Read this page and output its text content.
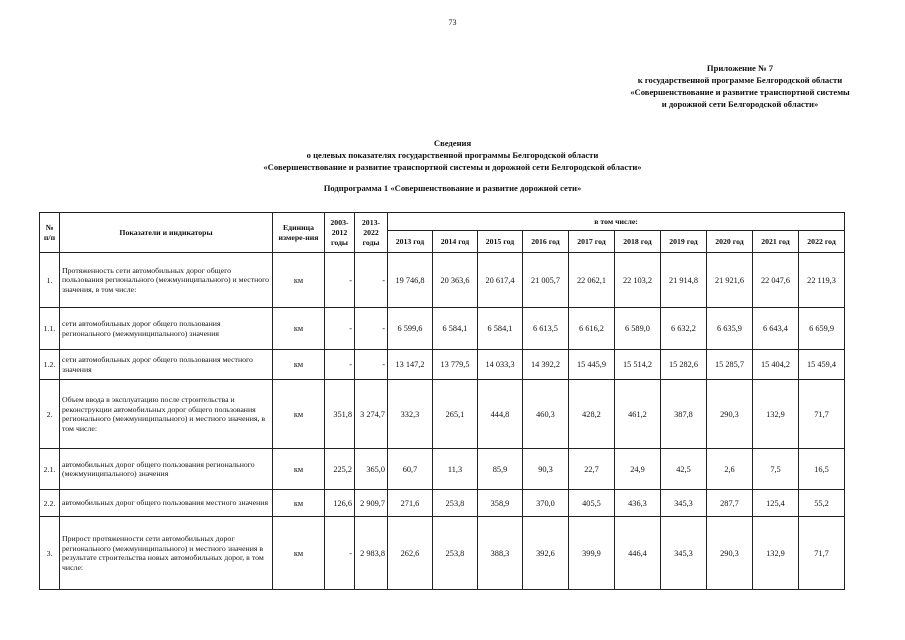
73
Приложение № 7
к государственной программе Белгородской области
«Совершенствование и развитие транспортной системы
и дорожной сети Белгородской области»
Сведения
о целевых показателях государственной программы Белгородской области
«Совершенствование и развитие транспортной системы и дорожной сети Белгородской области»
Подпрограмма 1 «Совершенствование и развитие дорожной сети»
№ п/п	Показатели и индикаторы	Единица измере-ния	2003-2012 годы	2013-2022 годы	в том числе:									
					2013 год	2014 год	2015 год	2016 год	2017 год	2018 год	2019 год	2020 год	2021 год	2022 год
1.	Протяженность сети автомобильных дорог общего пользования регионального (межмуниципального) и местного значения, в том числе:	км	-	-	19 746,8	20 363,6	20 617,4	21 005,7	22 062,1	22 103,2	21 914,8	21 921,6	22 047,6	22 119,3
1.1.	сети автомобильных дорог общего пользования регионального (межмуниципального) значения	км	-	-	6 599,6	6 584,1	6 584,1	6 613,5	6 616,2	6 589,0	6 632,2	6 635,9	6 643,4	6 659,9
1.2.	сети автомобильных дорог общего пользования местного значения	км	-	-	13 147,2	13 779,5	14 033,3	14 392,2	15 445,9	15 514,2	15 282,6	15 285,7	15 404,2	15 459,4
2.	Объем ввода в эксплуатацию после строительства и реконструкции автомобильных дорог общего пользования регионального (межмуниципального) и местного значения, в том числе:	км	351,8	3 274,7	332,3	265,1	444,8	460,3	428,2	461,2	387,8	290,3	132,9	71,7
2.1.	автомобильных дорог общего пользования регионального (межмуниципального) значения	км	225,2	365,0	60,7	11,3	85,9	90,3	22,7	24,9	42,5	2,6	7,5	16,5
2.2.	автомобильных дорог общего пользования местного значения	км	126,6	2 909,7	271,6	253,8	358,9	370,0	405,5	436,3	345,3	287,7	125,4	55,2
3.	Прирост протяженности сети автомобильных дорог регионального (межмуниципального) и местного значения в результате строительства новых автомобильных дорог, в том числе:	км	-	2 983,8	262,6	253,8	388,3	392,6	399,9	446,4	345,3	290,3	132,9	71,7
